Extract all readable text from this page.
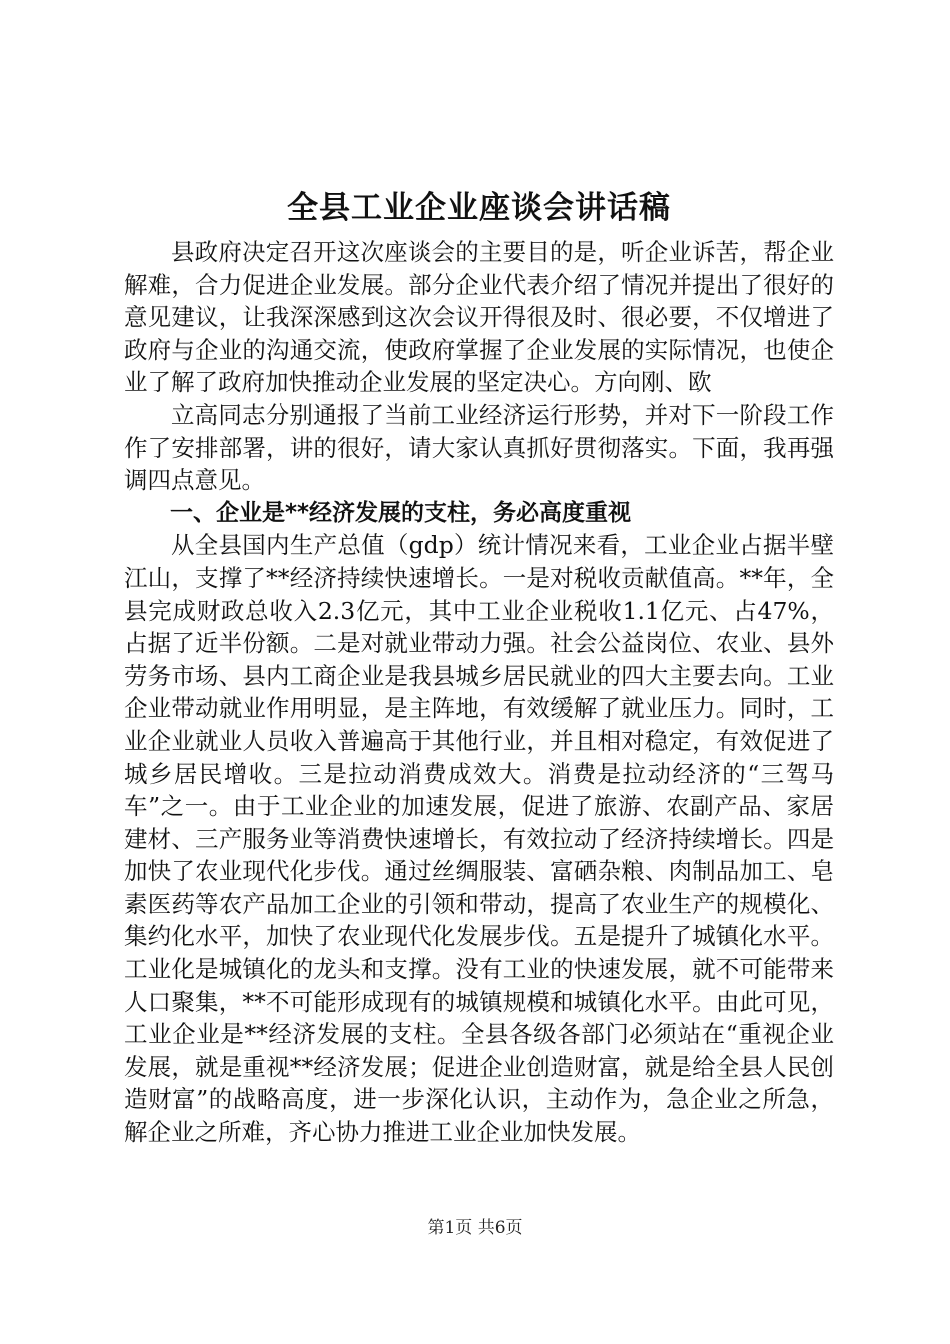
全县工业企业座谈会讲话稿

县政府决定召开这次座谈会的主要目的是，听企业诉苦，帮企业解难，合力促进企业发展。部分企业代表介绍了情况并提出了很好的意见建议，让我深深感到这次会议开得很及时、很必要，不仅增进了政府与企业的沟通交流，使政府掌握了企业发展的实际情况，也使企业了解了政府加快推动企业发展的坚定决心。方向刚、欧

立高同志分别通报了当前工业经济运行形势，并对下一阶段工作作了安排部署，讲的很好，请大家认真抓好贯彻落实。下面，我再强调四点意见。

一、企业是**经济发展的支柱，务必高度重视

从全县国内生产总值（gdp）统计情况来看，工业企业占据半壁江山，支撑了**经济持续快速增长。一是对税收贡献值高。**年，全县完成财政总收入2.3亿元，其中工业企业税收1.1亿元、占47%，占据了近半份额。二是对就业带动力强。社会公益岗位、农业、县外劳务市场、县内工商企业是我县城乡居民就业的四大主要去向。工业企业带动就业作用明显，是主阵地，有效缓解了就业压力。同时，工业企业就业人员收入普遍高于其他行业，并且相对稳定，有效促进了城乡居民增收。三是拉动消费成效大。消费是拉动经济的“三驾马车”之一。由于工业企业的加速发展，促进了旅游、农副产品、家居建材、三产服务业等消费快速增长，有效拉动了经济持续增长。四是加快了农业现代化步伐。通过丝绸服装、富硒杂粮、肉制品加工、皂素医药等农产品加工企业的引领和带动，提高了农业生产的规模化、集约化水平，加快了农业现代化发展步伐。五是提升了城镇化水平。工业化是城镇化的龙头和支撑。没有工业的快速发展，就不可能带来人口聚集，**不可能形成现有的城镇规模和城镇化水平。由此可见，工业企业是**经济发展的支柱。全县各级各部门必须站在“重视企业发展，就是重视**经济发展；促进企业创造财富，就是给全县人民创造财富”的战略高度，进一步深化认识，主动作为，急企业之所急，解企业之所难，齐心协力推进工业企业加快发展。

第1页 共6页
